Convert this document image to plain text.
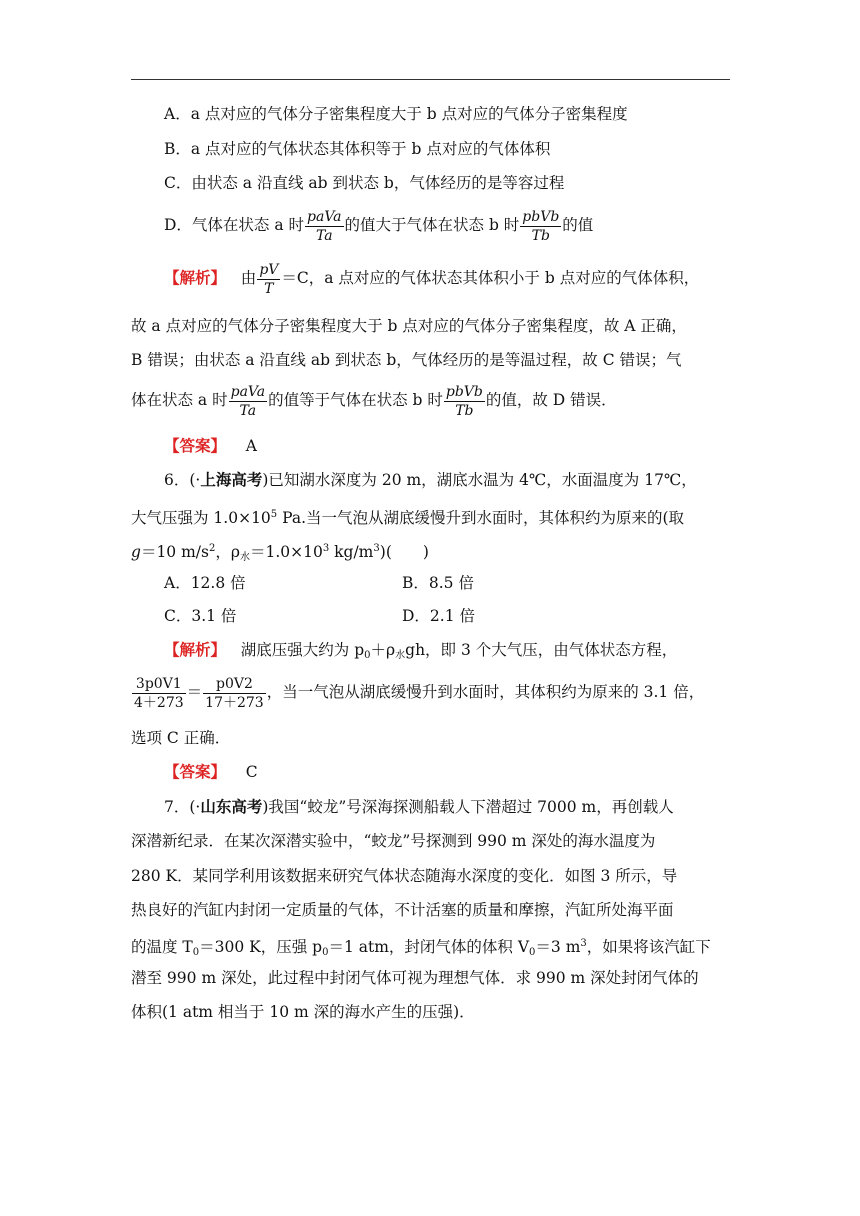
A．a 点对应的气体分子密集程度大于 b 点对应的气体分子密集程度
B．a 点对应的气体状态其体积等于 b 点对应的气体体积
C．由状态 a 沿直线 ab 到状态 b，气体经历的是等容过程
D．气体在状态 a 时 $\frac{\text{paVa}}{Ta}$ 的值大于气体在状态 b 时 $\frac{\text{pbVb}}{Tb}$ 的值
【解析】 由 $\frac{pV}{T} =C$，a 点对应的气体状态其体积小于 b 点对应的气体体积，
故 a 点对应的气体分子密集程度大于 b 点对应的气体分子密集程度，故 A 正确，
B 错误；由状态 a 沿直线 ab 到状态 b，气体经历的是等温过程，故 C 错误；气
体在状态 a 时 $\frac{\text{paVa}}{Ta}$ 的值等于气体在状态 b 时 $\frac{\text{pbVb}}{Tb}$ 的值，故 D 错误．
【答案】 A
6．(·上海高考)已知湖水深度为 20 m，湖底水温为 4℃，水面温度为 17℃，
大气压强为 $1.0\times 10^5$ Pa.当一气泡从湖底缓慢升到水面时，其体积约为原来的(取
g＝10 $m/s^2$，$\rho_水=1.0\times 10^3$ $kg/m^3$)(　　)
A．12.8 倍	B．8.5 倍
C．3.1 倍	D．2.1 倍
【解析】 湖底压强大约为 $p_0+\rho_水gh$，即 3 个大气压，由气体状态方程，
$\frac{3p0V1}{4+273} = \frac{p0V2}{17+273}$ ，当一气泡从湖底缓慢升到水面时，其体积约为原来的 3.1 倍，
选项 C 正确．
【答案】 C
7．(·山东高考)我国“蛟龙”号深海探测船载人下潜超过 7000 m，再创载人
深潜新纪录．在某次深潜实验中，“蛟龙”号探测到 990 m 深处的海水温度为
280 K．某同学利用该数据来研究气体状态随海水深度的变化．如图 3 所示，导
热良好的汽缸内封闭一定质量的气体，不计活塞的质量和摩擦，汽缸所处海平面
的温度 $T_0=300$ K，压强 $p_0=1$ atm，封闭气体的体积 $V_0=3$ $m^3$，如果将该汽缸下
潜至 990 m 深处，此过程中封闭气体可视为理想气体．求 990 m 深处封闭气体的
体积(1 atm 相当于 10 m 深的海水产生的压强)．
